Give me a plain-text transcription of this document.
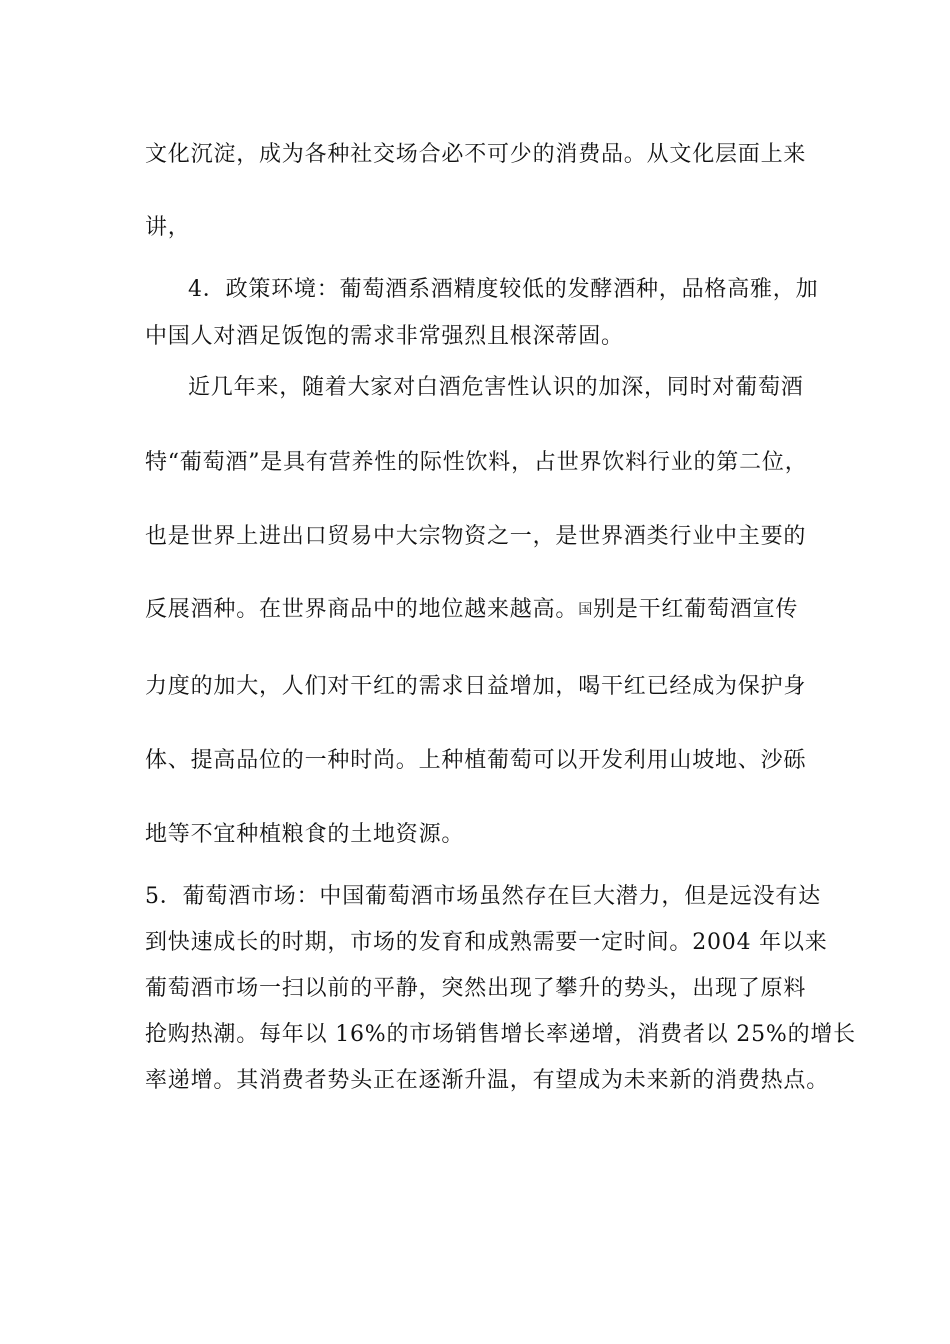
文化沉淀，成为各种社交场合必不可少的消费品。从文化层面上来
讲，
4．政策环境：葡萄酒系酒精度较低的发酵酒种，品格高雅，加
中国人对酒足饭饱的需求非常强烈且根深蒂固。
近几年来，随着大家对白酒危害性认识的加深，同时对葡萄酒
特“葡萄酒”是具有营养性的际性饮料，占世界饮料行业的第二位，
也是世界上进出口贸易中大宗物资之一，是世界酒类行业中主要的
反展酒种。在世界商品中的地位越来越高。国别是干红葡萄酒宣传
力度的加大，人们对干红的需求日益增加，喝干红已经成为保护身
体、提高品位的一种时尚。上种植葡萄可以开发利用山坡地、沙砾
地等不宜种植粮食的土地资源。
5．葡萄酒市场：中国葡萄酒市场虽然存在巨大潜力，但是远没有达
到快速成长的时期，市场的发育和成熟需要一定时间。2004 年以来
葡萄酒市场一扫以前的平静，突然出现了攀升的势头，出现了原料
抢购热潮。每年以 16%的市场销售增长率递增，消费者以 25%的增长
率递增。其消费者势头正在逐渐升温，有望成为未来新的消费热点。
